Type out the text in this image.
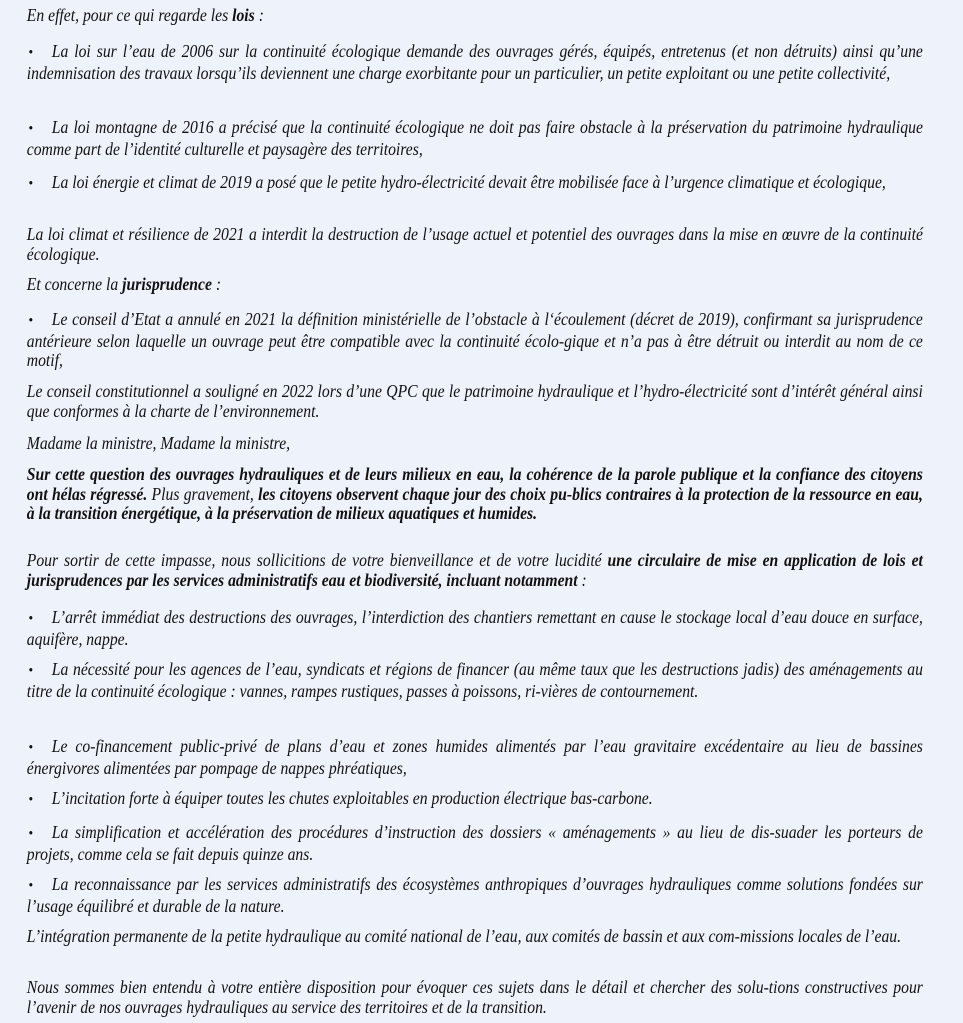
En effet, pour ce qui regarde les lois :

• La loi sur l’eau de 2006 sur la continuité écologique demande des ouvrages gérés, équipés, entretenus (et non détruits) ainsi qu’une indemnisation des travaux lorsqu’ils deviennent une charge exorbitante pour un particulier, un petite exploitant ou une petite collectivité,

• La loi montagne de 2016 a précisé que la continuité écologique ne doit pas faire obstacle à la préservation du patrimoine hydraulique comme part de l’identité culturelle et paysagère des territoires,

• La loi énergie et climat de 2019 a posé que le petite hydro-électricité devait être mobilisée face à l’urgence climatique et écologique,

La loi climat et résilience de 2021 a interdit la destruction de l’usage actuel et potentiel des ouvrages dans la mise en œuvre de la continuité écologique.

Et concerne la jurisprudence :

• Le conseil d’Etat a annulé en 2021 la définition ministérielle de l’obstacle à l‘écoulement (décret de 2019), confirmant sa jurisprudence antérieure selon laquelle un ouvrage peut être compatible avec la continuité écolo-gique et n’a pas à être détruit ou interdit au nom de ce motif,

Le conseil constitutionnel a souligné en 2022 lors d’une QPC que le patrimoine hydraulique et l’hydro-électricité sont d’intérêt général ainsi que conformes à la charte de l’environnement.

Madame la ministre, Madame la ministre,

Sur cette question des ouvrages hydrauliques et de leurs milieux en eau, la cohérence de la parole publique et la confiance des citoyens ont hélas régressé. Plus gravement, les citoyens observent chaque jour des choix pu-blics contraires à la protection de la ressource en eau, à la transition énergétique, à la préservation de milieux aquatiques et humides.

Pour sortir de cette impasse, nous sollicitions de votre bienveillance et de votre lucidité une circulaire de mise en application de lois et jurisprudences par les services administratifs eau et biodiversité, incluant notamment :

• L’arrêt immédiat des destructions des ouvrages, l’interdiction des chantiers remettant en cause le stockage local d’eau douce en surface, aquifère, nappe.

• La nécessité pour les agences de l’eau, syndicats et régions de financer (au même taux que les destructions jadis) des aménagements au titre de la continuité écologique : vannes, rampes rustiques, passes à poissons, ri-vières de contournement.

• Le co-financement public-privé de plans d’eau et zones humides alimentés par l’eau gravitaire excédentaire au lieu de bassines énergivores alimentées par pompage de nappes phréatiques,

• L’incitation forte à équiper toutes les chutes exploitables en production électrique bas-carbone.

• La simplification et accélération des procédures d’instruction des dossiers « aménagements » au lieu de dis-suader les porteurs de projets, comme cela se fait depuis quinze ans.

• La reconnaissance par les services administratifs des écosystèmes anthropiques d’ouvrages hydrauliques comme solutions fondées sur l’usage équilibré et durable de la nature.

L’intégration permanente de la petite hydraulique au comité national de l’eau, aux comités de bassin et aux com-missions locales de l’eau.

Nous sommes bien entendu à votre entière disposition pour évoquer ces sujets dans le détail et chercher des solu-tions constructives pour l’avenir de nos ouvrages hydrauliques au service des territoires et de la transition.
